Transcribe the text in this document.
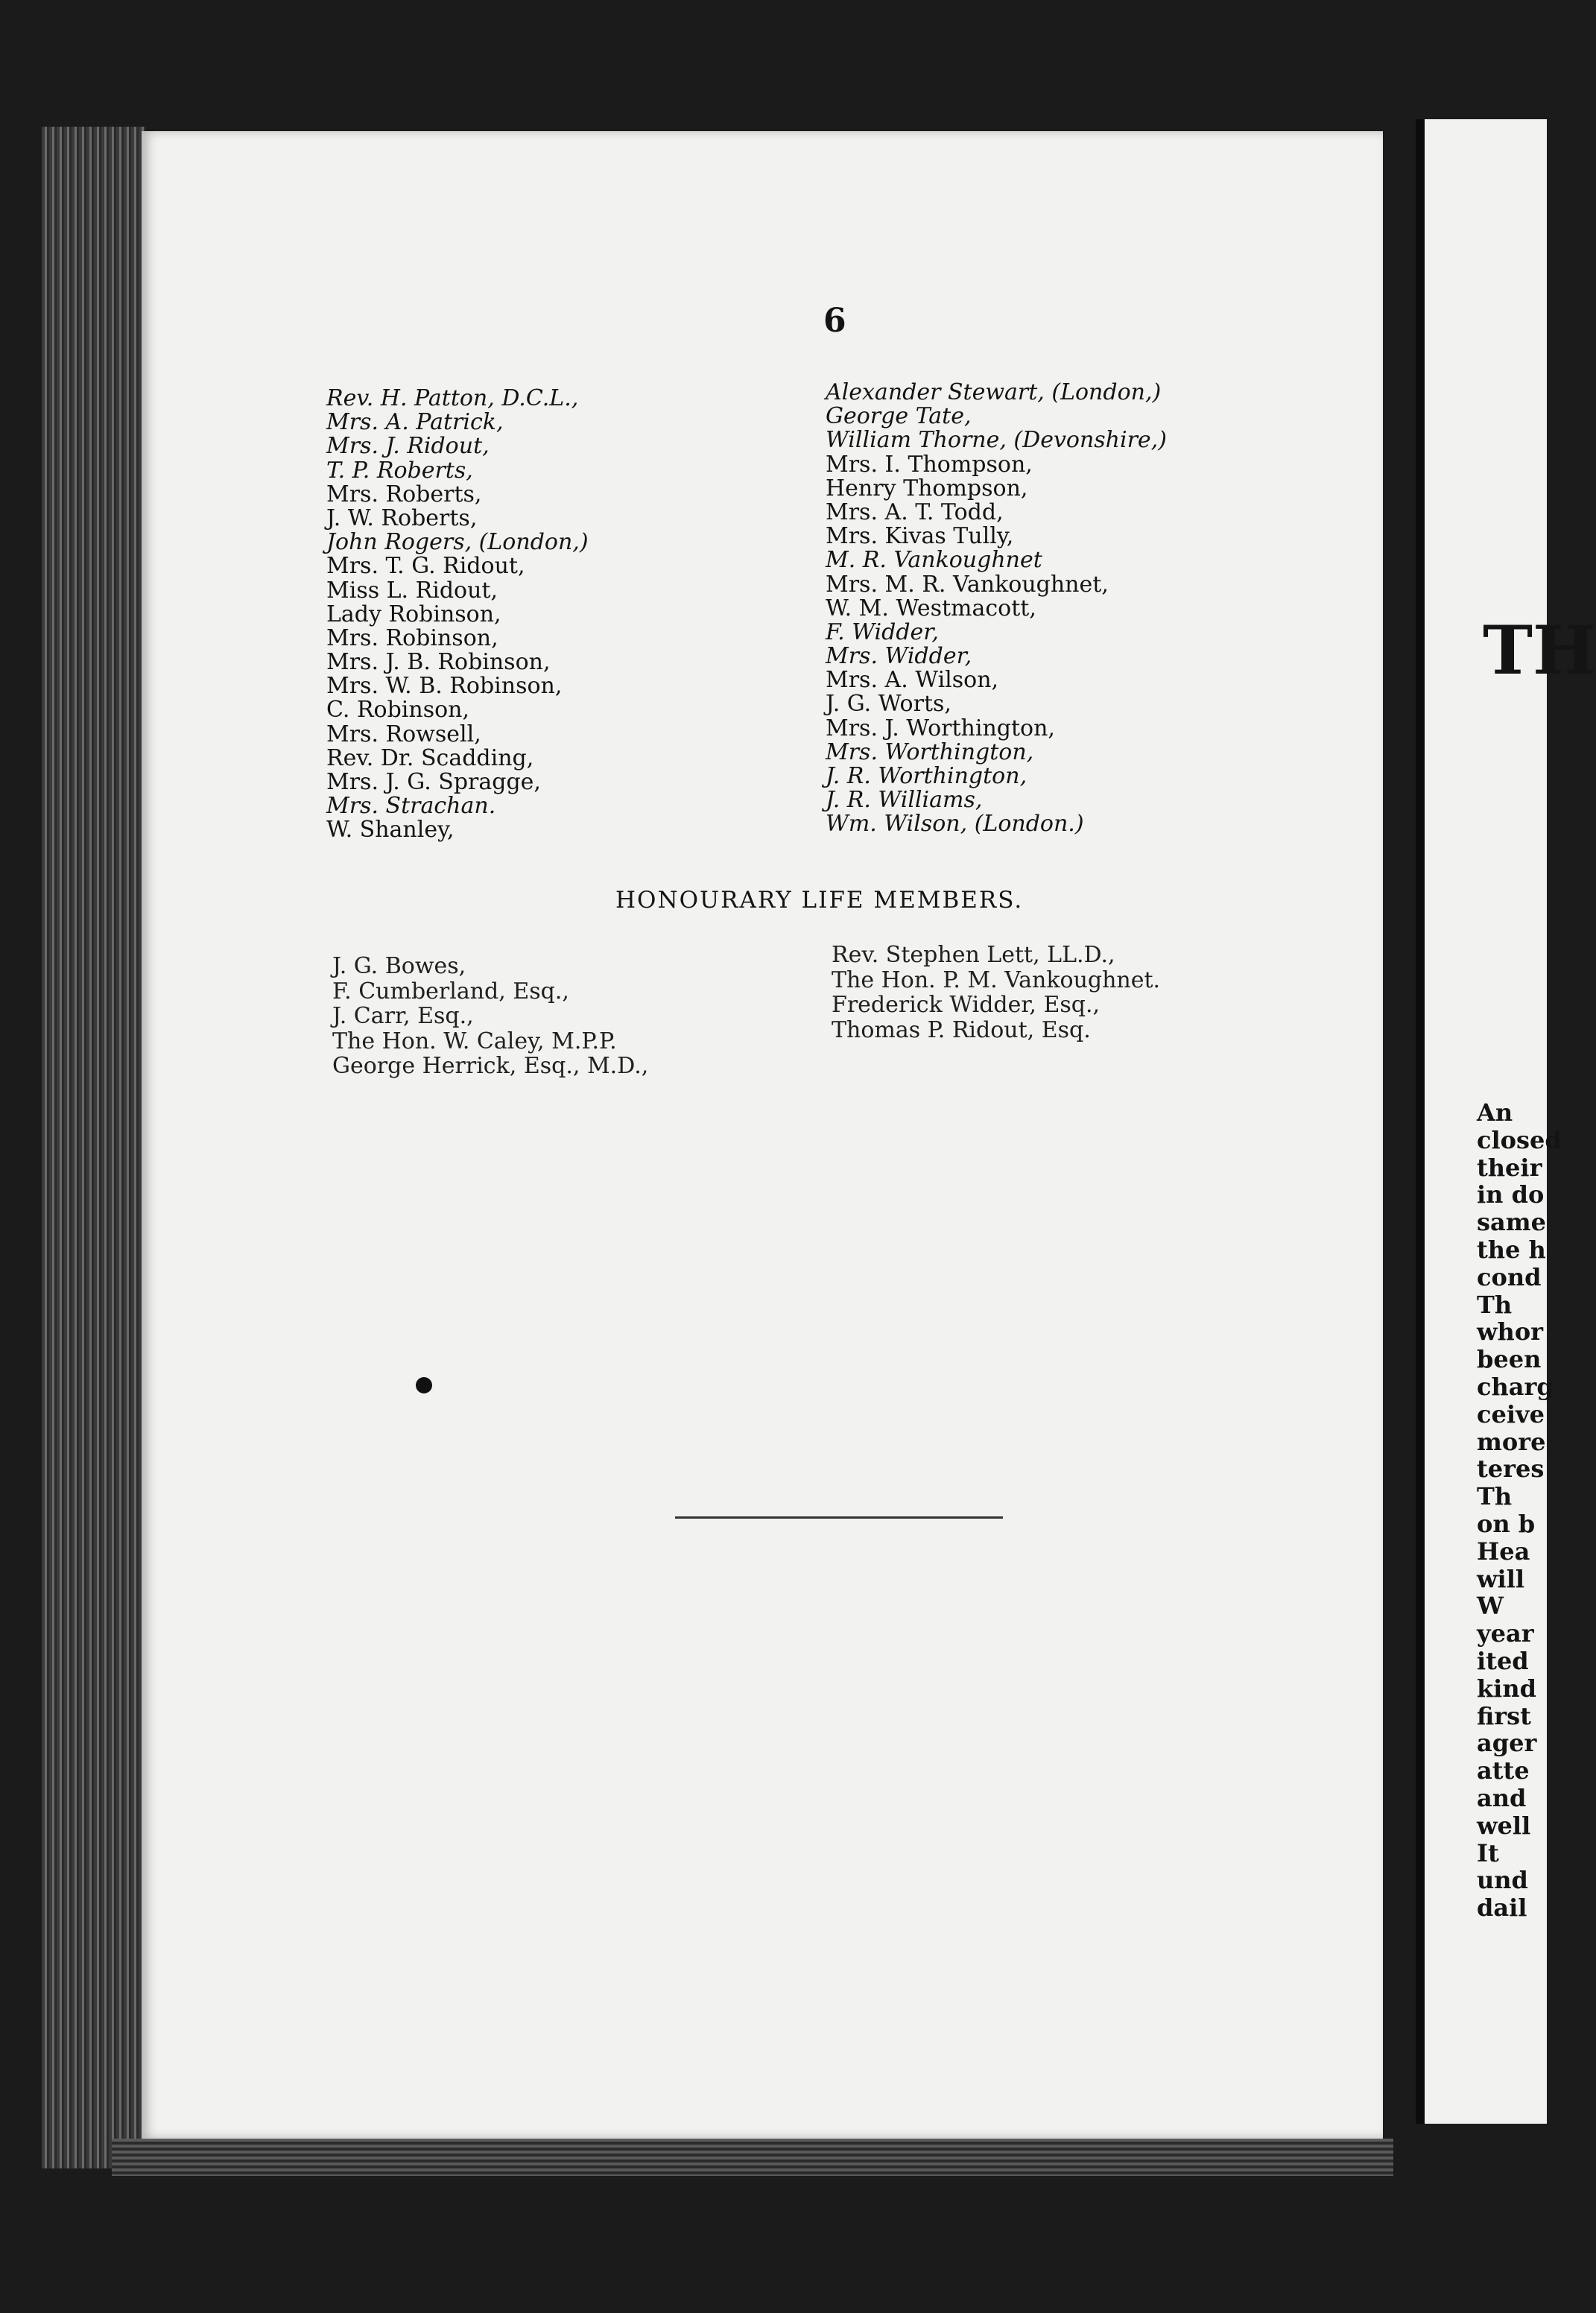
6

Rev. H. Patton, D.C.L.,
Mrs. A. Patrick,
Mrs. J. Ridout,
T. P. Roberts,
Mrs. Roberts,
J. W. Roberts,
John Rogers, (London,)
Mrs. T. G. Ridout,
Miss L. Ridout,
Lady Robinson,
Mrs. Robinson,
Mrs. J. B. Robinson,
Mrs. W. B. Robinson,
C. Robinson,
Mrs. Rowsell,
Rev. Dr. Scadding,
Mrs. J. G. Spragge,
Mrs. Strachan.
W. Shanley,
Alexander Stewart, (London,)
George Tate,
William Thorne, (Devonshire,)
Mrs. I. Thompson,
Henry Thompson,
Mrs. A. T. Todd,
Mrs. Kivas Tully,
M. R. Vankoughnet
Mrs. M. R. Vankoughnet,
W. M. Westmacott,
F. Widder,
Mrs. Widder,
Mrs. A. Wilson,
J. G. Worts,
Mrs. J. Worthington,
Mrs. Worthington,
J. R. Worthington,
J. R. Williams,
Wm. Wilson, (London.)

HONOURARY LIFE MEMBERS.

J. G. Bowes,
F. Cumberland, Esq.,
J. Carr, Esq.,
The Hon. W. Caley, M.P.P.
George Herrick, Esq., M.D.,
Rev. Stephen Lett, LL.D.,
The Hon. P. M. Vankoughnet.
Frederick Widder, Esq.,
Thomas P. Ridout, Esq.

TH

An
closed
their
in do
same
the h
cond
Th
whor
been
charg
ceive
more
teres
Th
on b
Hea
will
W
year
ited
kind
first
ager
atte
and
well
It
und
dail
